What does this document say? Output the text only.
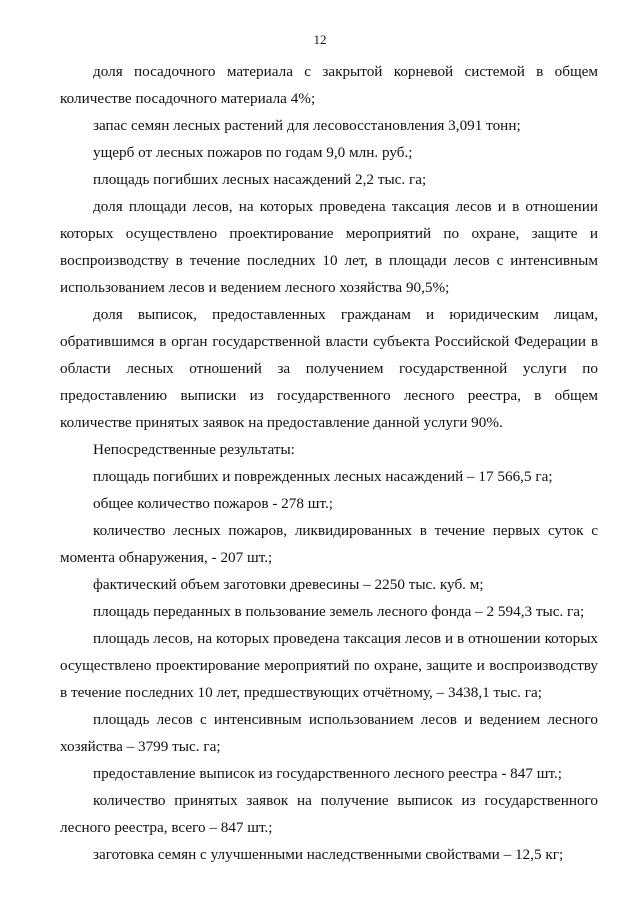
12

доля посадочного материала с закрытой корневой системой в общем количестве посадочного материала 4%;

запас семян лесных растений для лесовосстановления 3,091 тонн;

ущерб от лесных пожаров по годам 9,0 млн. руб.;

площадь погибших лесных насаждений 2,2 тыс. га;

доля площади лесов, на которых проведена таксация лесов и в отношении которых осуществлено проектирование мероприятий по охране, защите и воспроизводству в течение последних 10 лет, в площади лесов с интенсивным использованием лесов и ведением лесного хозяйства 90,5%;

доля выписок, предоставленных гражданам и юридическим лицам, обратившимся в орган государственной власти субъекта Российской Федерации в области лесных отношений за получением государственной услуги по предоставлению выписки из государственного лесного реестра, в общем количестве принятых заявок на предоставление данной услуги 90%.

Непосредственные результаты:

площадь погибших и поврежденных лесных насаждений – 17 566,5 га;

общее количество пожаров - 278 шт.;

количество лесных пожаров, ликвидированных в течение первых суток с момента обнаружения, - 207 шт.;

фактический объем заготовки древесины – 2250 тыс. куб. м;

площадь переданных в пользование земель лесного фонда – 2 594,3 тыс. га;

площадь лесов, на которых проведена таксация лесов и в отношении которых осуществлено проектирование мероприятий по охране, защите и воспроизводству в течение последних 10 лет, предшествующих отчётному, – 3438,1 тыс. га;

площадь лесов с интенсивным использованием лесов и ведением лесного хозяйства – 3799 тыс. га;

предоставление выписок из государственного лесного реестра - 847 шт.;

количество принятых заявок на получение выписок из государственного лесного реестра, всего – 847 шт.;

заготовка семян с улучшенными наследственными свойствами – 12,5 кг;
